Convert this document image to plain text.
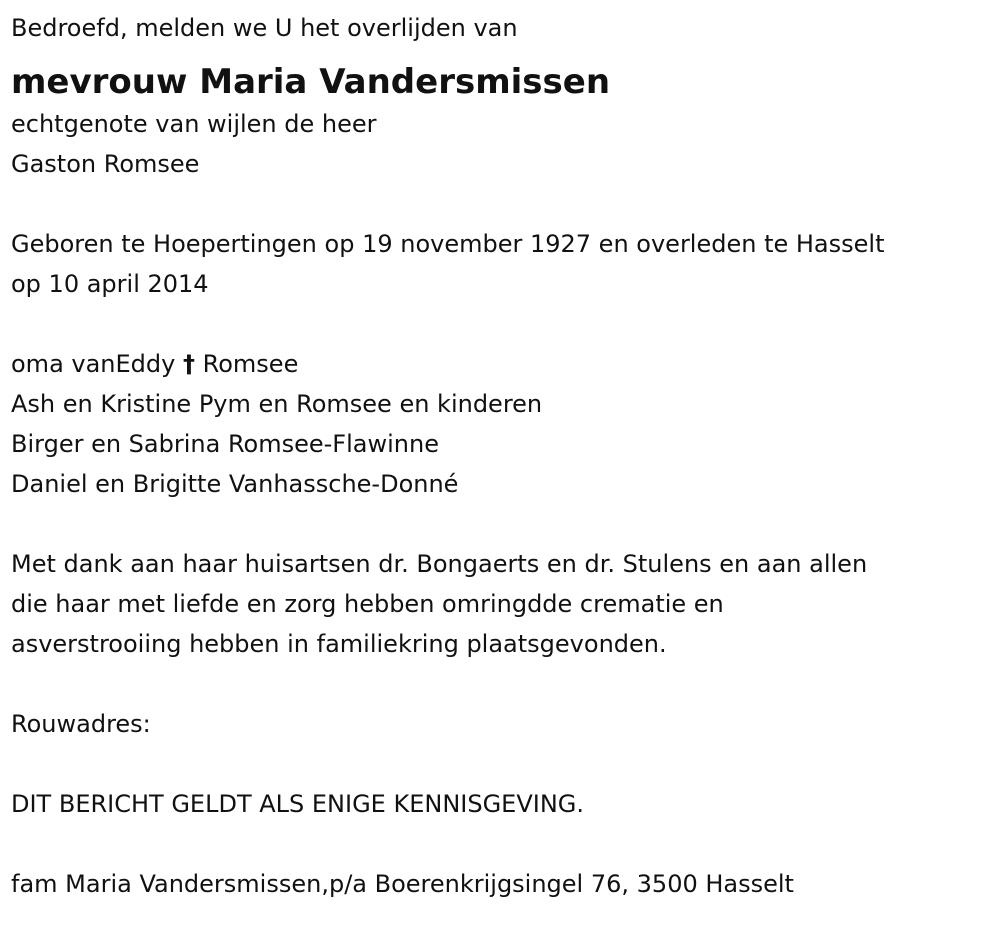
Bedroefd, melden we U het overlijden van
mevrouw Maria Vandersmissen
echtgenote van wijlen de heer
Gaston Romsee
Geboren te Hoepertingen op 19 november 1927 en overleden te Hasselt
op 10 april 2014
oma vanEddy † Romsee
Ash en Kristine Pym en Romsee en kinderen
Birger en Sabrina Romsee-Flawinne
Daniel en Brigitte Vanhassche-Donné
Met dank aan haar huisartsen dr. Bongaerts en dr. Stulens en aan allen
die haar met liefde en zorg hebben omringdde crematie en
asverstrooiing hebben in familiekring plaatsgevonden.
Rouwadres:
DIT BERICHT GELDT ALS ENIGE KENNISGEVING.
fam Maria Vandersmissen,p/a Boerenkrijgsingel 76, 3500 Hasselt
